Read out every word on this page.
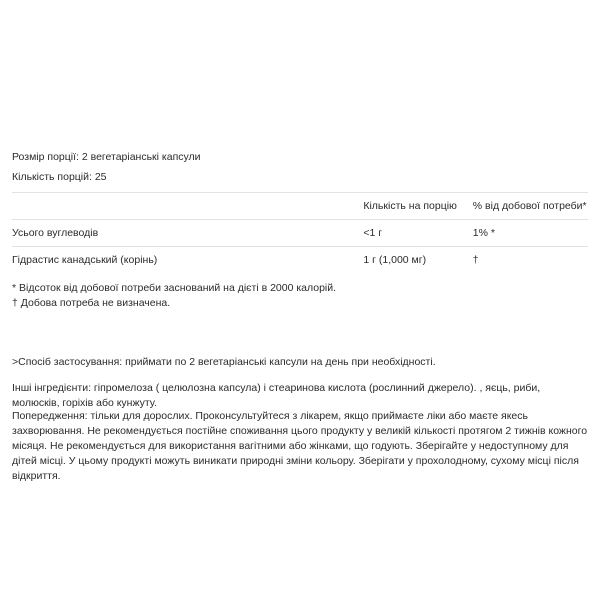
Розмір порції: 2 вегетаріанські капсули
Кількість порцій: 25
	Кількість на порцію	% від добової потреби*
Усього вуглеводів	<1 г	1% *
Гідрастис канадський (корінь)	1 г (1,000 мг)	†
* Відсоток від добової потреби заснований на дієті в 2000 калорій.
† Добова потреба не визначена.

>Спосіб застосування: приймати по 2 вегетаріанські капсули на день при необхідності.

Інші інгредієнти: гіпромелоза ( целюлозна капсула) і стеаринова кислота (рослинний джерело). , яєць, риби, молюсків, горіхів або кунжуту.

Попередження: тільки для дорослих. Проконсультуйтеся з лікарем, якщо приймаєте ліки або маєте якесь захворювання. Не рекомендується постійне споживання цього продукту у великій кількості протягом 2 тижнів кожного місяця. Не рекомендується для використання вагітними або жінками, що годують. Зберігайте у недоступному для дітей місці. У цьому продукті можуть виникати природні зміни кольору. Зберігати у прохолодному, сухому місці після відкриття.
